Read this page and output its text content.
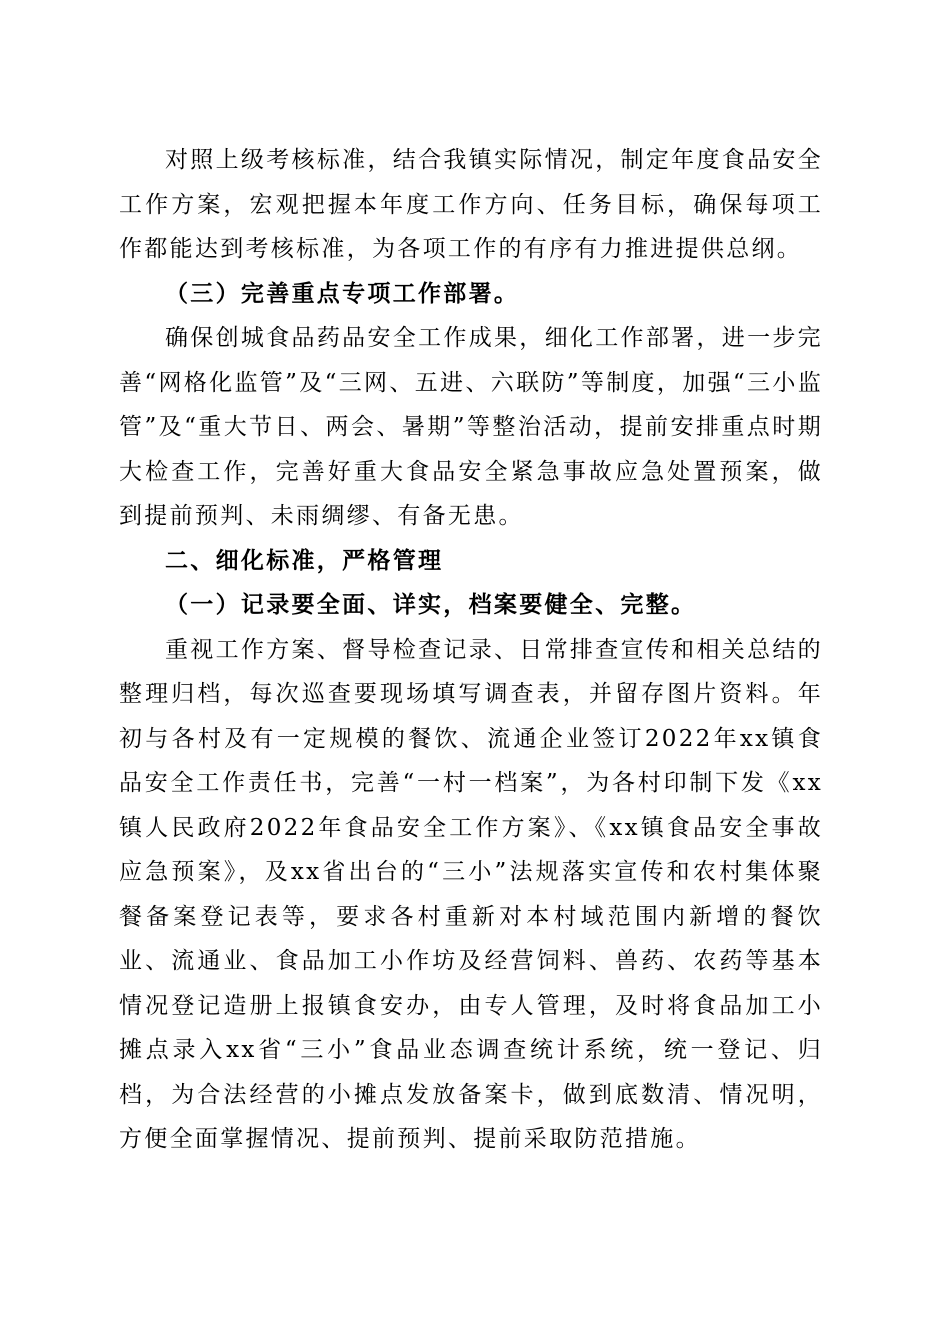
对照上级考核标准，结合我镇实际情况，制定年度食品安全工作方案，宏观把握本年度工作方向、任务目标，确保每项工作都能达到考核标准，为各项工作的有序有力推进提供总纲。

（三）完善重点专项工作部署。

确保创城食品药品安全工作成果，细化工作部署，进一步完善“网格化监管”及“三网、五进、六联防”等制度，加强“三小监管”及“重大节日、两会、暑期”等整治活动，提前安排重点时期大检查工作，完善好重大食品安全紧急事故应急处置预案，做到提前预判、未雨绸缪、有备无患。

二、细化标准，严格管理

（一）记录要全面、详实，档案要健全、完整。

重视工作方案、督导检查记录、日常排查宣传和相关总结的整理归档，每次巡查要现场填写调查表，并留存图片资料。年初与各村及有一定规模的餐饮、流通企业签订2022年xx镇食品安全工作责任书，完善“一村一档案”，为各村印制下发《xx镇人民政府2022年食品安全工作方案》、《xx镇食品安全事故应急预案》，及xx省出台的“三小”法规落实宣传和农村集体聚餐备案登记表等，要求各村重新对本村域范围内新增的餐饮业、流通业、食品加工小作坊及经营饲料、兽药、农药等基本情况登记造册上报镇食安办，由专人管理，及时将食品加工小摊点录入xx省“三小”食品业态调查统计系统，统一登记、归档，为合法经营的小摊点发放备案卡，做到底数清、情况明，方便全面掌握情况、提前预判、提前采取防范措施。
